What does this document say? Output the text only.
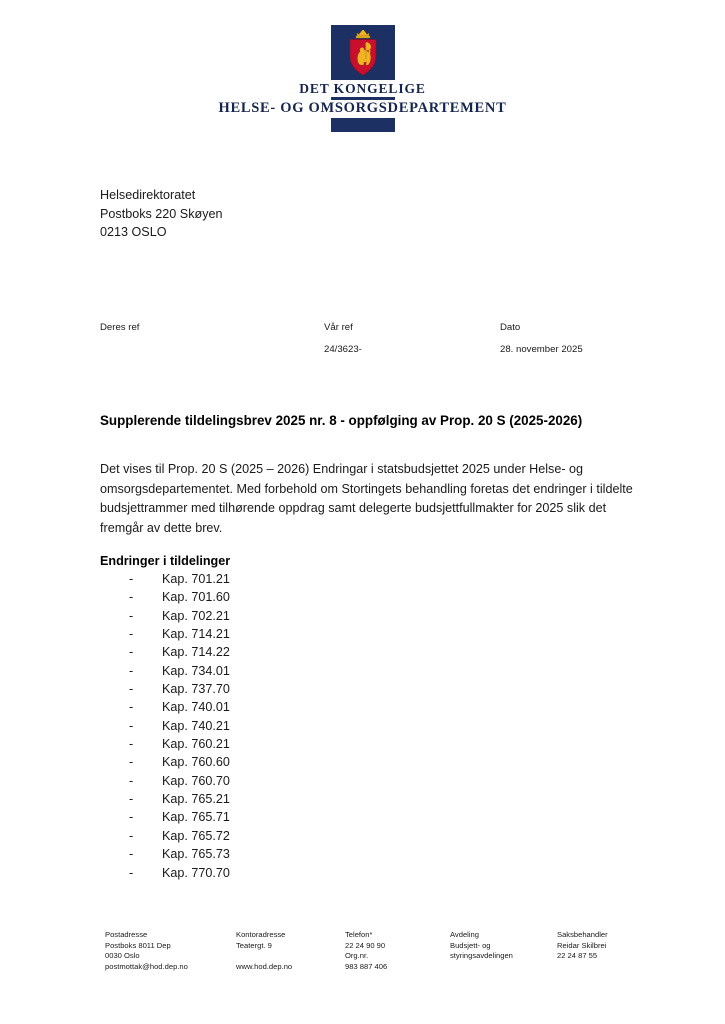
DET KONGELIGE
HELSE- OG OMSORGSDEPARTEMENT
Helsedirektoratet
Postboks 220 Skøyen
0213 OSLO
Deres ref	Vår ref
24/3623-
Dato
28. november 2025
Supplerende tildelingsbrev 2025 nr. 8 - oppfølging av Prop. 20 S (2025-2026)

Det vises til Prop. 20 S (2025 – 2026) Endringar i statsbudsjettet 2025 under Helse- og omsorgsdepartementet. Med forbehold om Stortingets behandling foretas det endringer i tildelte budsjettrammer med tilhørende oppdrag samt delegerte budsjettfullmakter for 2025 slik det fremgår av dette brev.

Endringer i tildelinger
- Kap. 701.21
- Kap. 701.60
- Kap. 702.21
- Kap. 714.21
- Kap. 714.22
- Kap. 734.01
- Kap. 737.70
- Kap. 740.01
- Kap. 740.21
- Kap. 760.21
- Kap. 760.60
- Kap. 760.70
- Kap. 765.21
- Kap. 765.71
- Kap. 765.72
- Kap. 765.73
- Kap. 770.70
Postadresse
Postboks 8011 Dep
0030 Oslo
postmottak@hod.dep.no
Kontoradresse
Teatergt. 9
www.hod.dep.no
Telefon*
22 24 90 90
Org.nr.
983 887 406
Avdeling
Budsjett- og
styringsavdelingen
Saksbehandler
Reidar Skilbrei
22 24 87 55
